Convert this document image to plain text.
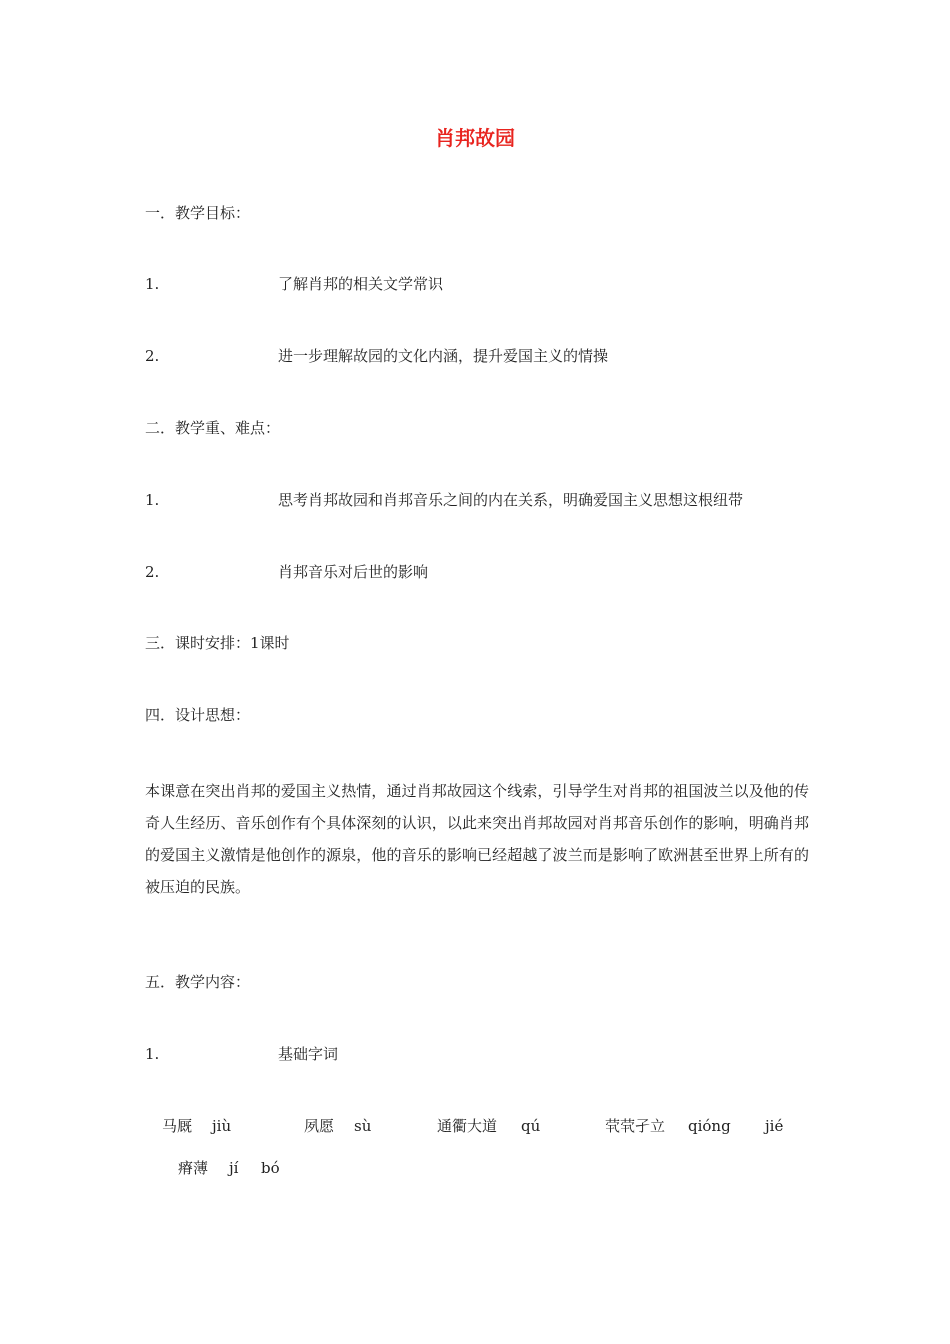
肖邦故园
一．教学目标：
1.	了解肖邦的相关文学常识
2.	进一步理解故园的文化内涵，提升爱国主义的情操
二．教学重、难点：
1.	思考肖邦故园和肖邦音乐之间的内在关系，明确爱国主义思想这根纽带
2.	肖邦音乐对后世的影响
三．课时安排：1课时
四．设计思想：
本课意在突出肖邦的爱国主义热情，通过肖邦故园这个线索，引导学生对肖邦的祖国波兰以及他的传奇人生经历、音乐创作有个具体深刻的认识，以此来突出肖邦故园对肖邦音乐创作的影响，明确肖邦的爱国主义激情是他创作的源泉，他的音乐的影响已经超越了波兰而是影响了欧洲甚至世界上所有的被压迫的民族。
五．教学内容：
1.	基础字词
马厩 jiù	夙愿 sù	通衢大道 qú	茕茕孑立 qióng jié
瘠薄 jí bó
